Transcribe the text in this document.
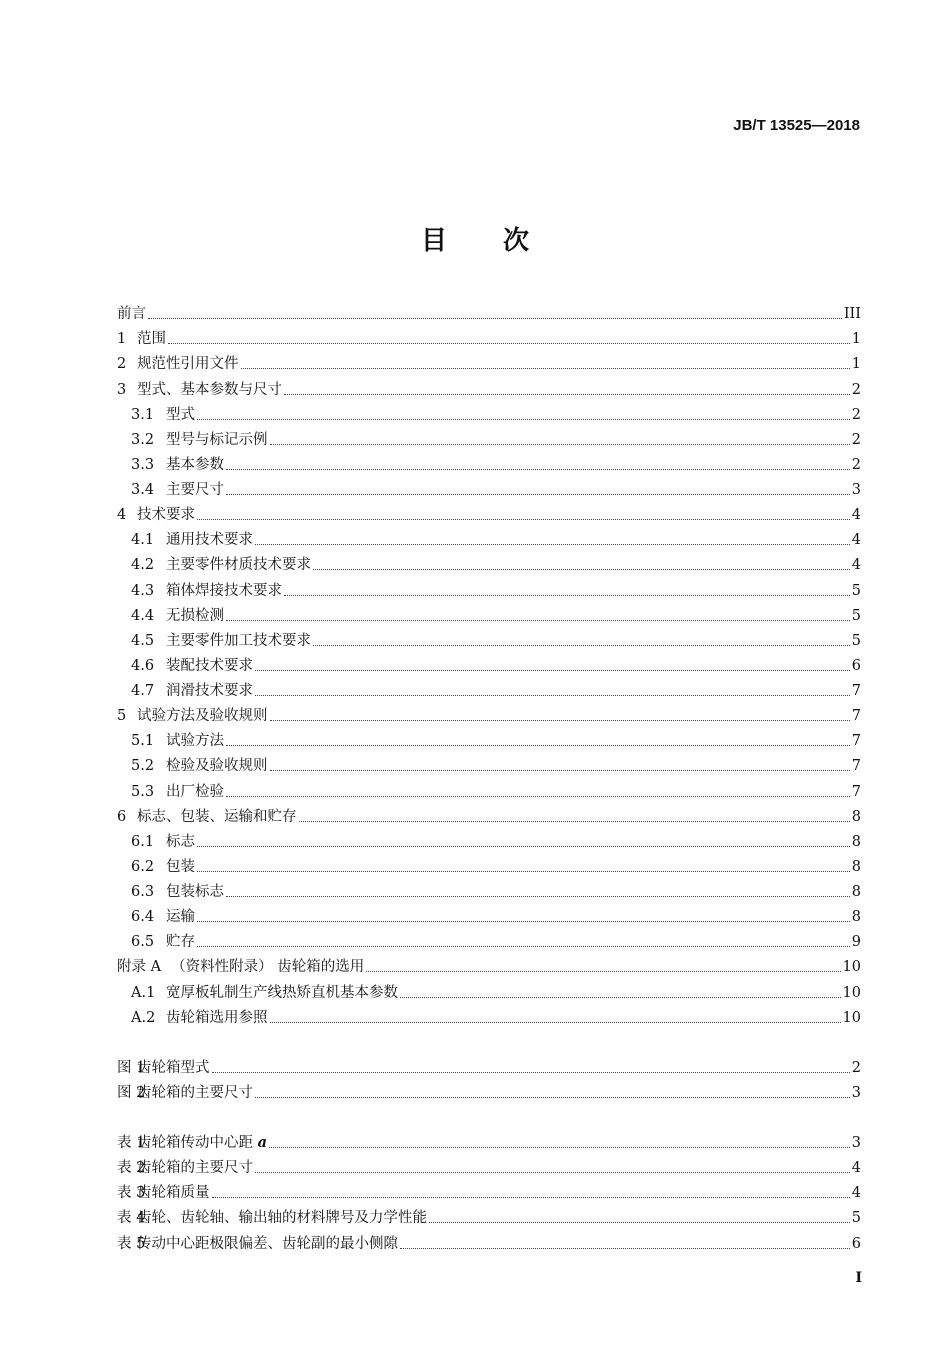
JB/T 13525—2018
目 次
前言	III
1 范围	1
2 规范性引用文件	1
3 型式、基本参数与尺寸	2
3.1 型式	2
3.2 型号与标记示例	2
3.3 基本参数	2
3.4 主要尺寸	3
4 技术要求	4
4.1 通用技术要求	4
4.2 主要零件材质技术要求	4
4.3 箱体焊接技术要求	5
4.4 无损检测	5
4.5 主要零件加工技术要求	5
4.6 装配技术要求	6
4.7 润滑技术要求	7
5 试验方法及验收规则	7
5.1 试验方法	7
5.2 检验及验收规则	7
5.3 出厂检验	7
6 标志、包装、运输和贮存	8
6.1 标志	8
6.2 包装	8
6.3 包装标志	8
6.4 运输	8
6.5 贮存	9
附录 A （资料性附录） 齿轮箱的选用	10
A.1 宽厚板轧制生产线热矫直机基本参数	10
A.2 齿轮箱选用参照	10
图 1齿轮箱型式	2
图 2齿轮箱的主要尺寸	3
表 1齿轮箱传动中心距 a	3
表 2齿轮箱的主要尺寸	4
表 3齿轮箱质量	4
表 4齿轮、齿轮轴、输出轴的材料牌号及力学性能	5
表 5传动中心距极限偏差、齿轮副的最小侧隙	6
I
